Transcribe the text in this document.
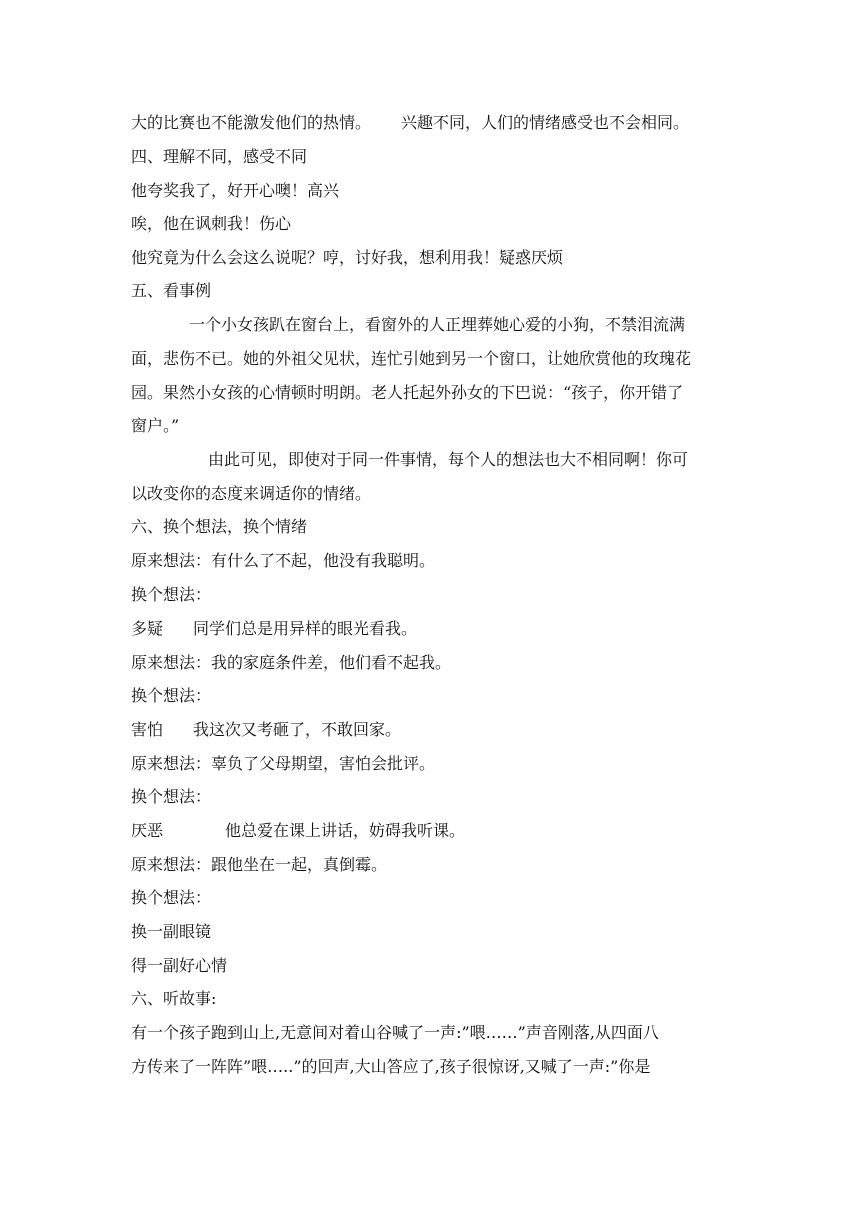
大的比赛也不能激发他们的热情。 兴趣不同，人们的情绪感受也不会相同。
四、理解不同，感受不同
他夸奖我了，好开心噢！高兴
唉，他在讽刺我！伤心
他究竟为什么会这么说呢？哼，讨好我，想利用我！疑惑厌烦
五、看事例
一个小女孩趴在窗台上，看窗外的人正埋葬她心爱的小狗，不禁泪流满
面，悲伤不已。她的外祖父见状，连忙引她到另一个窗口，让她欣赏他的玫瑰花
园。果然小女孩的心情顿时明朗。老人托起外孙女的下巴说：“孩子，你开错了
窗户。”
由此可见，即使对于同一件事情，每个人的想法也大不相同啊！你可
以改变你的态度来调适你的情绪。
六、换个想法，换个情绪
原来想法：有什么了不起，他没有我聪明。
换个想法：
多疑 同学们总是用异样的眼光看我。
原来想法：我的家庭条件差，他们看不起我。
换个想法：
害怕 我这次又考砸了，不敢回家。
原来想法：辜负了父母期望，害怕会批评。
换个想法：
厌恶	他总爱在课上讲话，妨碍我听课。
原来想法：跟他坐在一起，真倒霉。
换个想法：
换一副眼镜
得一副好心情
六、听故事:
有一个孩子跑到山上,无意间对着山谷喊了一声:”喂……”声音刚落,从四面八
方传来了一阵阵”喂…..”的回声,大山答应了,孩子很惊讶,又喊了一声:”你是
